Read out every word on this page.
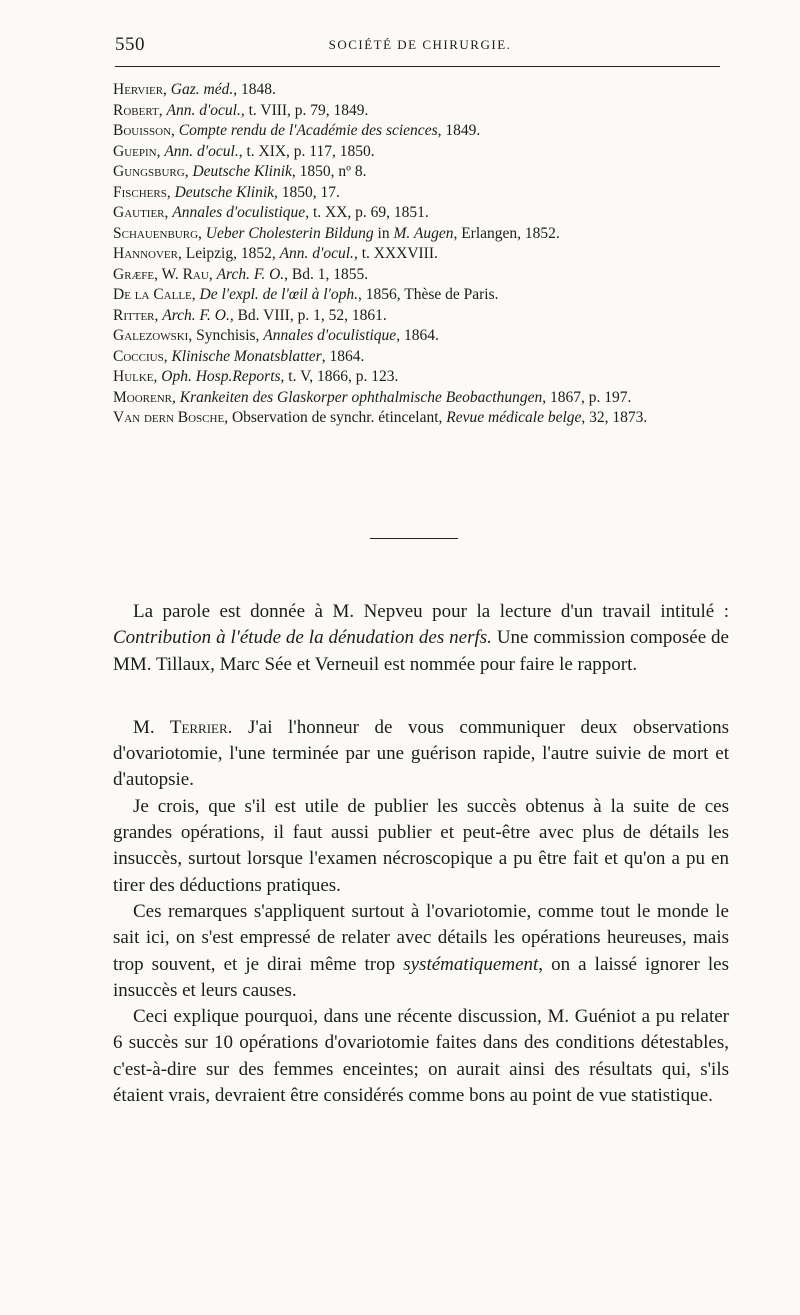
550	SOCIÉTÉ DE CHIRURGIE.

Hervier, Gaz. méd., 1848.

Robert, Ann. d'ocul., t. VIII, p. 79, 1849.

Bouisson, Compte rendu de l'Académie des sciences, 1849.

Guepin, Ann. d'ocul., t. XIX, p. 117, 1850.

Gungsburg, Deutsche Klinik, 1850, nº 8.

Fischers, Deutsche Klinik, 1850, 17.

Gautier, Annales d'oculistique, t. XX, p. 69, 1851.

Schauenburg, Ueber Cholesterin Bildung in M. Augen, Erlangen, 1852.

Hannover, Leipzig, 1852, Ann. d'ocul., t. XXXVIII.

Græfe, W. Rau, Arch. F. O., Bd. 1, 1855.

De la Calle, De l'expl. de l'œil à l'oph., 1856, Thèse de Paris.

Ritter, Arch. F. O., Bd. VIII, p. 1, 52, 1861.

Galezowski, Synchisis, Annales d'oculistique, 1864.

Coccius, Klinische Monatsblatter, 1864.

Hulke, Oph. Hosp.Reports, t. V, 1866, p. 123.

Moorenr, Krankeiten des Glaskorper ophthalmische Beobacthungen, 1867, p. 197.

Van dern Bosche, Observation de synchr. étincelant, Revue médicale belge, 32, 1873.

La parole est donnée à M. Nepveu pour la lecture d'un travail intitulé : Contribution à l'étude de la dénudation des nerfs. Une commission composée de MM. Tillaux, Marc Sée et Verneuil est nommée pour faire le rapport.

M. Terrier. J'ai l'honneur de vous communiquer deux observations d'ovariotomie, l'une terminée par une guérison rapide, l'autre suivie de mort et d'autopsie.

Je crois, que s'il est utile de publier les succès obtenus à la suite de ces grandes opérations, il faut aussi publier et peut-être avec plus de détails les insuccès, surtout lorsque l'examen nécroscopique a pu être fait et qu'on a pu en tirer des déductions pratiques.

Ces remarques s'appliquent surtout à l'ovariotomie, comme tout le monde le sait ici, on s'est empressé de relater avec détails les opérations heureuses, mais trop souvent, et je dirai même trop systématiquement, on a laissé ignorer les insuccès et leurs causes.

Ceci explique pourquoi, dans une récente discussion, M. Guéniot a pu relater 6 succès sur 10 opérations d'ovariotomie faites dans des conditions détestables, c'est-à-dire sur des femmes enceintes; on aurait ainsi des résultats qui, s'ils étaient vrais, devraient être considérés comme bons au point de vue statistique.
